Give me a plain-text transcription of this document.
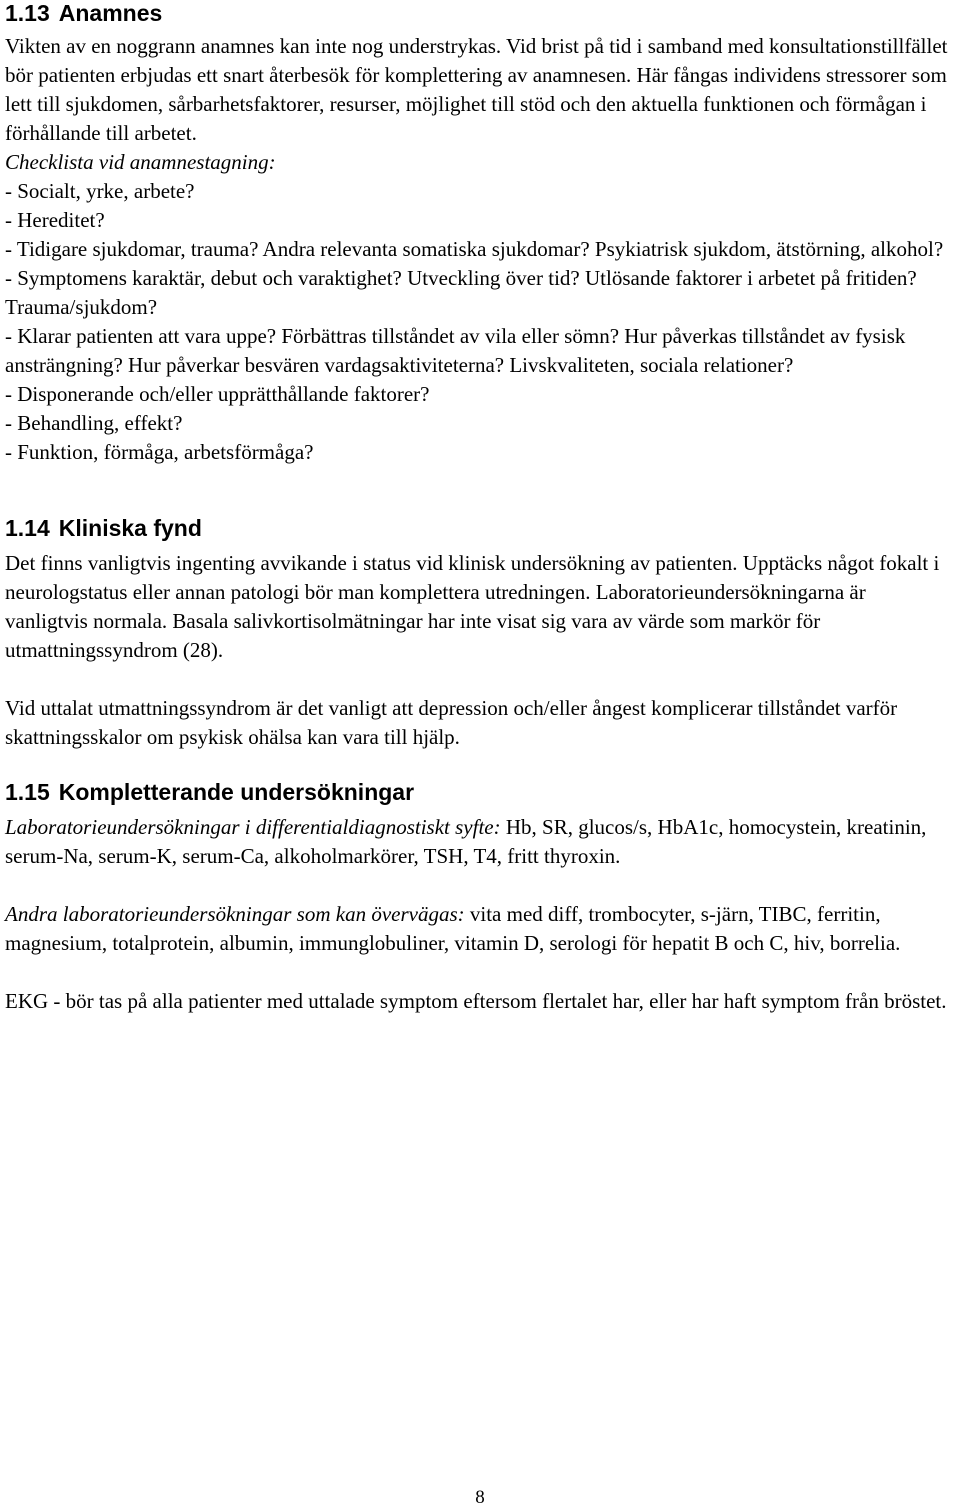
1.13 Anamnes
Vikten av en noggrann anamnes kan inte nog understrykas. Vid brist på tid i samband med konsultationstillfället bör patienten erbjudas ett snart återbesök för komplettering av anamnesen. Här fångas individens stressorer som lett till sjukdomen, sårbarhetsfaktorer, resurser, möjlighet till stöd och den aktuella funktionen och förmågan i förhållande till arbetet.
Checklista vid anamnestagning:
- Socialt, yrke, arbete?
- Hereditet?
- Tidigare sjukdomar, trauma? Andra relevanta somatiska sjukdomar? Psykiatrisk sjukdom, ätstörning, alkohol?
- Symptomens karaktär, debut och varaktighet? Utveckling över tid? Utlösande faktorer i arbetet på fritiden? Trauma/sjukdom?
- Klarar patienten att vara uppe? Förbättras tillståndet av vila eller sömn? Hur påverkas tillståndet av fysisk ansträngning? Hur påverkar besvären vardagsaktiviteterna? Livskvaliteten, sociala relationer?
- Disponerande och/eller upprätthållande faktorer?
- Behandling, effekt?
- Funktion, förmåga, arbetsförmåga?
1.14 Kliniska fynd
Det finns vanligtvis ingenting avvikande i status vid klinisk undersökning av patienten. Upptäcks något fokalt i neurologstatus eller annan patologi bör man komplettera utredningen. Laboratorieundersökningarna är vanligtvis normala. Basala salivkortisolmätningar har inte visat sig vara av värde som markör för utmattningssyndrom (28).
Vid uttalat utmattningssyndrom är det vanligt att depression och/eller ångest komplicerar tillståndet varför skattningsskalor om psykisk ohälsa kan vara till hjälp.
1.15 Kompletterande undersökningar
Laboratorieundersökningar i differentialdiagnostiskt syfte: Hb, SR, glucos/s, HbA1c, homocystein, kreatinin, serum-Na, serum-K, serum-Ca, alkoholmarkörer, TSH, T4, fritt thyroxin.
Andra laboratorieundersökningar som kan övervägas: vita med diff, trombocyter, s-järn, TIBC, ferritin, magnesium, totalprotein, albumin, immunglobuliner, vitamin D, serologi för hepatit B och C, hiv, borrelia.
EKG - bör tas på alla patienter med uttalade symptom eftersom flertalet har, eller har haft symptom från bröstet.
8
